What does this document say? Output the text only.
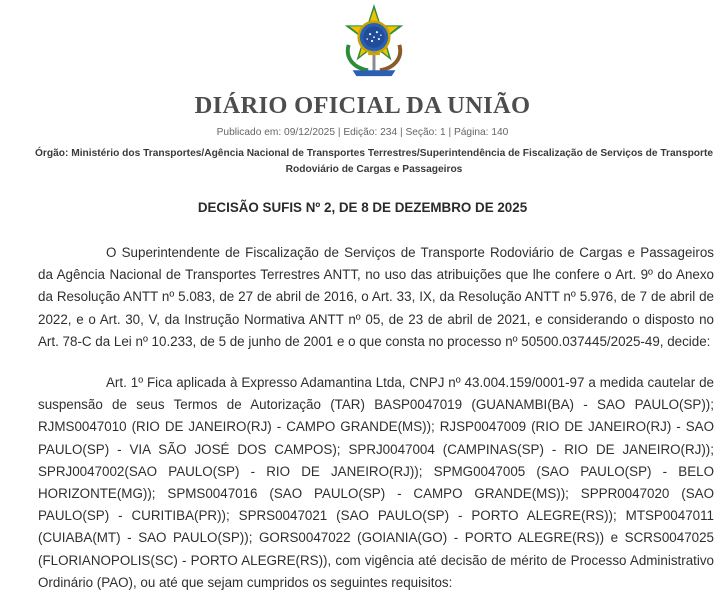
DIÁRIO OFICIAL DA UNIÃO
Publicado em: 09/12/2025 | Edição: 234 | Seção: 1 | Página: 140
Órgão: Ministério dos Transportes/Agência Nacional de Transportes Terrestres/Superintendência de Fiscalização de Serviços de Transporte Rodoviário de Cargas e Passageiros
DECISÃO SUFIS Nº 2, DE 8 DE DEZEMBRO DE 2025

O Superintendente de Fiscalização de Serviços de Transporte Rodoviário de Cargas e Passageiros da Agência Nacional de Transportes Terrestres ANTT, no uso das atribuições que lhe confere o Art. 9º do Anexo da Resolução ANTT nº 5.083, de 27 de abril de 2016, o Art. 33, IX, da Resolução ANTT nº 5.976, de 7 de abril de 2022, e o Art. 30, V, da Instrução Normativa ANTT nº 05, de 23 de abril de 2021, e considerando o disposto no Art. 78-C da Lei nº 10.233, de 5 de junho de 2001 e o que consta no processo nº 50500.037445/2025-49, decide:

Art. 1º Fica aplicada à Expresso Adamantina Ltda, CNPJ nº 43.004.159/0001-97 a medida cautelar de suspensão de seus Termos de Autorização (TAR) BASP0047019 (GUANAMBI(BA) - SAO PAULO(SP)); RJMS0047010 (RIO DE JANEIRO(RJ) - CAMPO GRANDE(MS)); RJSP0047009 (RIO DE JANEIRO(RJ) - SAO PAULO(SP) - VIA SÃO JOSÉ DOS CAMPOS); SPRJ0047004 (CAMPINAS(SP) - RIO DE JANEIRO(RJ)); SPRJ0047002(SAO PAULO(SP) - RIO DE JANEIRO(RJ)); SPMG0047005 (SAO PAULO(SP) - BELO HORIZONTE(MG)); SPMS0047016 (SAO PAULO(SP) - CAMPO GRANDE(MS)); SPPR0047020 (SAO PAULO(SP) - CURITIBA(PR)); SPRS0047021 (SAO PAULO(SP) - PORTO ALEGRE(RS)); MTSP0047011 (CUIABA(MT) - SAO PAULO(SP)); GORS0047022 (GOIANIA(GO) - PORTO ALEGRE(RS)) e SCRS0047025 (FLORIANOPOLIS(SC) - PORTO ALEGRE(RS)), com vigência até decisão de mérito de Processo Administrativo Ordinário (PAO), ou até que sejam cumpridos os seguintes requisitos:
